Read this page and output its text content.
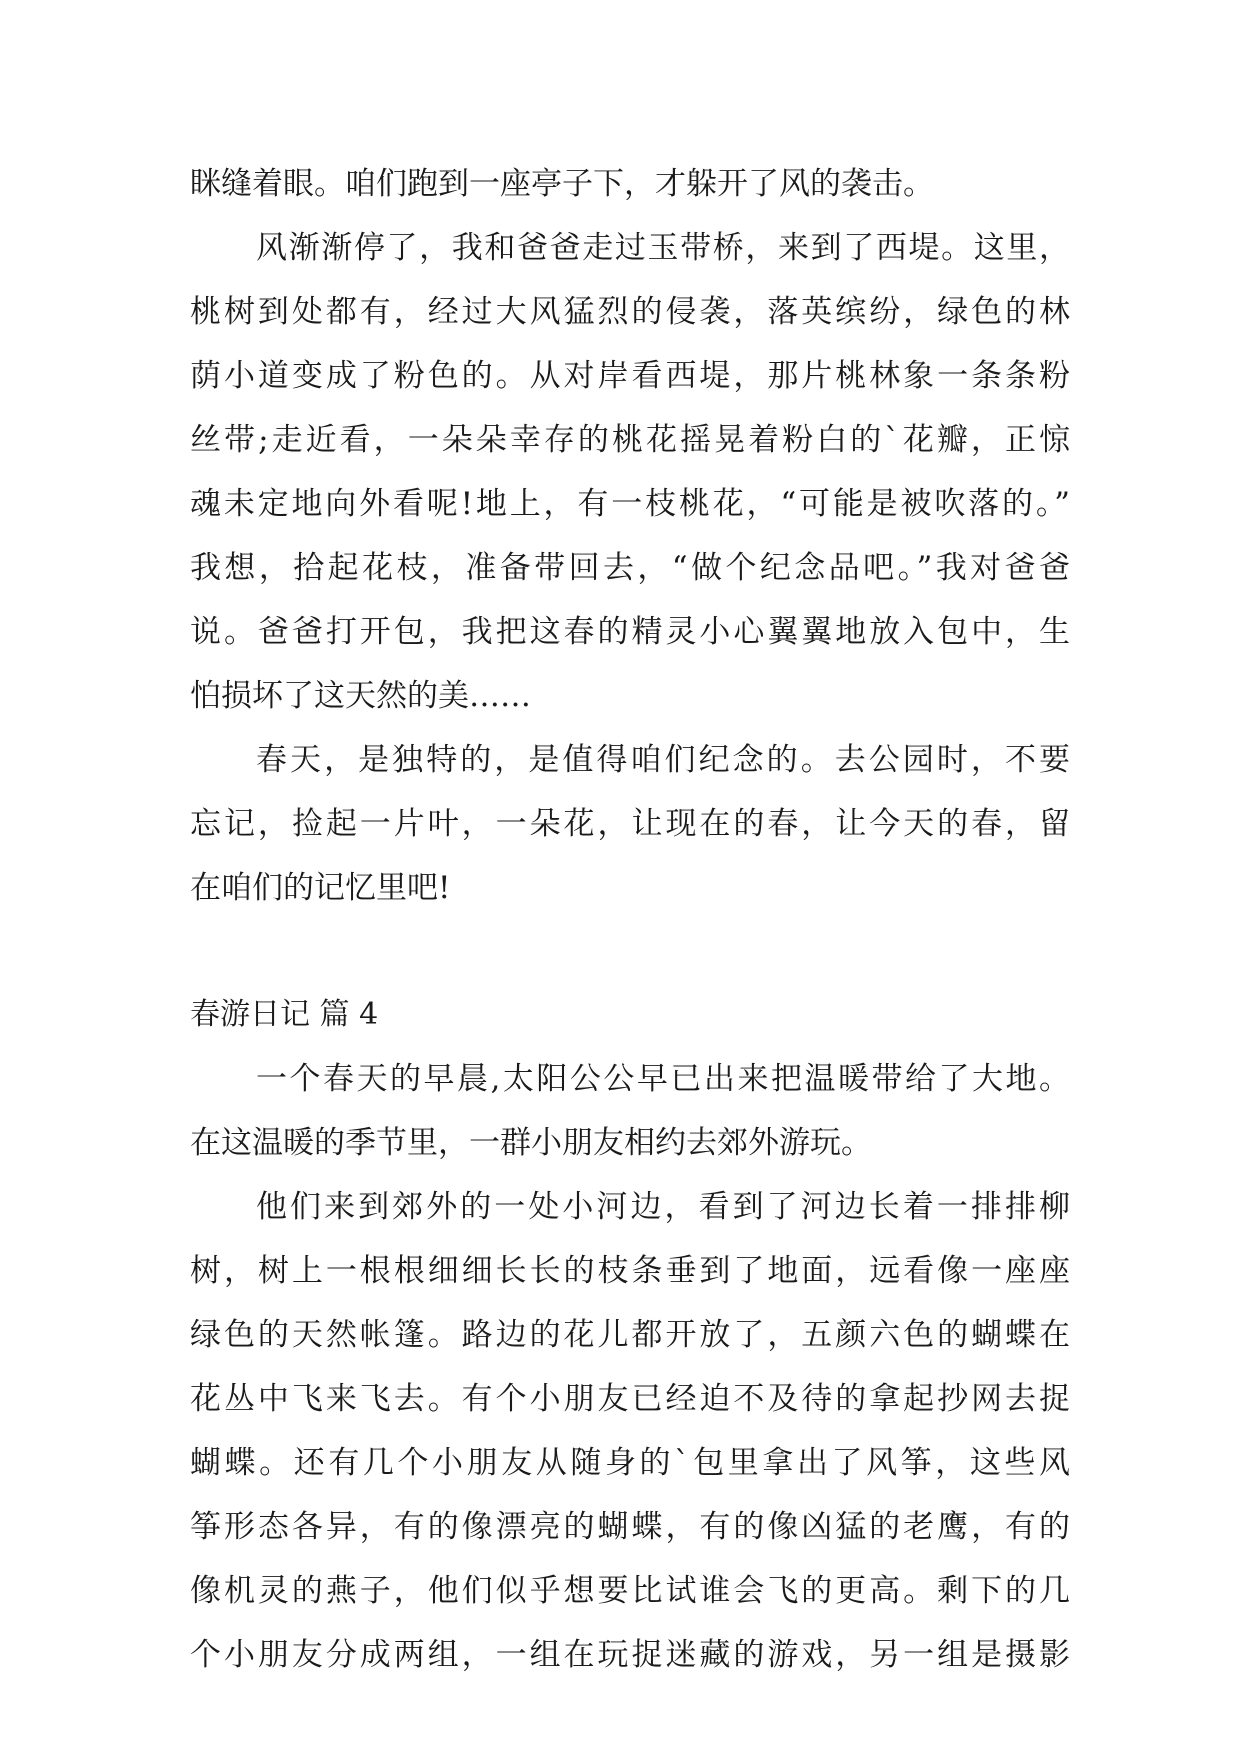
眯缝着眼。咱们跑到一座亭子下，才躲开了风的袭击。
风渐渐停了，我和爸爸走过玉带桥，来到了西堤。这里，
桃树到处都有，经过大风猛烈的侵袭，落英缤纷，绿色的林
荫小道变成了粉色的。从对岸看西堤，那片桃林象一条条粉
丝带;走近看，一朵朵幸存的桃花摇晃着粉白的`花瓣，正惊
魂未定地向外看呢!地上，有一枝桃花，“可能是被吹落的。”
我想，拾起花枝，准备带回去，“做个纪念品吧。”我对爸爸
说。爸爸打开包，我把这春的精灵小心翼翼地放入包中，生
怕损坏了这天然的美……
春天，是独特的，是值得咱们纪念的。去公园时，不要
忘记，捡起一片叶，一朵花，让现在的春，让今天的春，留
在咱们的记忆里吧!
春游日记 篇 4
一个春天的早晨,太阳公公早已出来把温暖带给了大地。
在这温暖的季节里，一群小朋友相约去郊外游玩。
他们来到郊外的一处小河边，看到了河边长着一排排柳
树，树上一根根细细长长的枝条垂到了地面，远看像一座座
绿色的天然帐篷。路边的花儿都开放了，五颜六色的蝴蝶在
花丛中飞来飞去。有个小朋友已经迫不及待的拿起抄网去捉
蝴蝶。还有几个小朋友从随身的`包里拿出了风筝，这些风
筝形态各异，有的像漂亮的蝴蝶，有的像凶猛的老鹰，有的
像机灵的燕子，他们似乎想要比试谁会飞的更高。剩下的几
个小朋友分成两组，一组在玩捉迷藏的游戏，另一组是摄影
